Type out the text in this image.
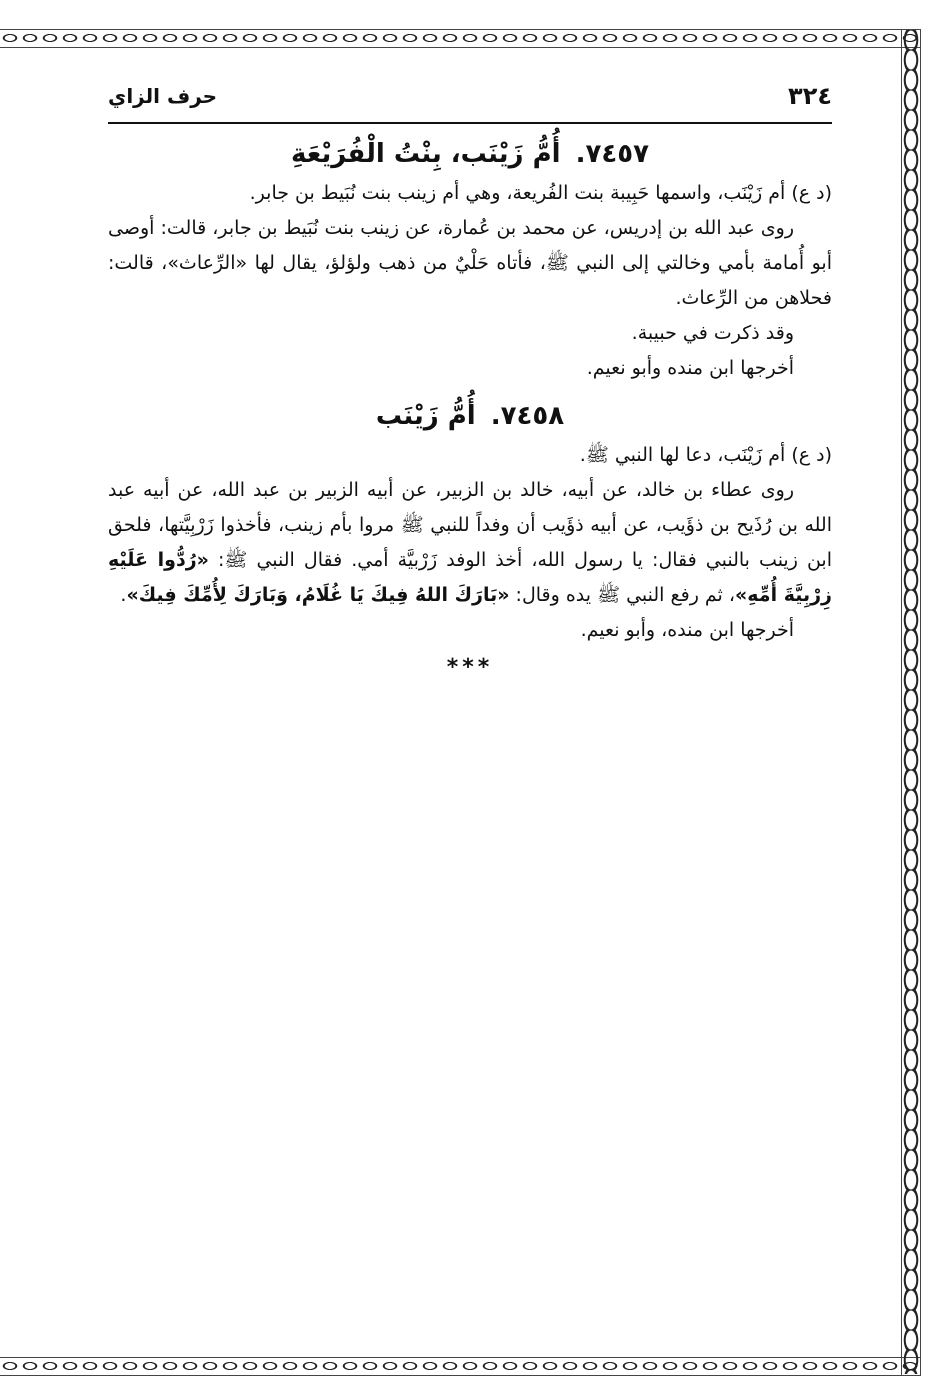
٣٢٤
حرف الزاي
٧٤٥٧. أُمُّ زَيْنَب، بِنْتُ الْفُرَيْعَةِ

(د ع) أم زَيْنَب، واسمها حَبِيبة بنت الفُريعة، وهي أم زينب بنت نُبَيط بن جابر.

روى عبد الله بن إدريس، عن محمد بن عُمارة، عن زينب بنت نُبَيط بن جابر، قالت: أوصى أبو أُمامة بأمي وخالتي إلى النبي ﷺ، فأتاه حَلْيٌ من ذهب ولؤلؤ، يقال لها «الرِّعاث»، قالت: فحلاهن من الرِّعاث.

وقد ذكرت في حبيبة.

أخرجها ابن منده وأبو نعيم.

٧٤٥٨. أُمُّ زَيْنَب

(د ع) أم زَيْنَب، دعا لها النبي ﷺ.

روى عطاء بن خالد، عن أبيه، خالد بن الزبير، عن أبيه الزبير بن عبد الله، عن أبيه عبد الله بن رُذَيح بن ذؤَيب، عن أبيه ذؤَيب أن وفداً للنبي ﷺ مروا بأم زينب، فأخذوا زَرْبِيَّتها، فلحق ابن زينب بالنبي فقال: يا رسول الله، أخذ الوفد زَرْبيَّة أمي. فقال النبي ﷺ: «رُدُّوا عَلَيْهِ زِرْبِيَّةَ أُمِّهِ»، ثم رفع النبي ﷺ يده وقال: «بَارَكَ اللهُ فِيكَ يَا غُلَامُ، وَبَارَكَ لِأُمِّكَ فِيكَ».

أخرجها ابن منده، وأبو نعيم.

***
